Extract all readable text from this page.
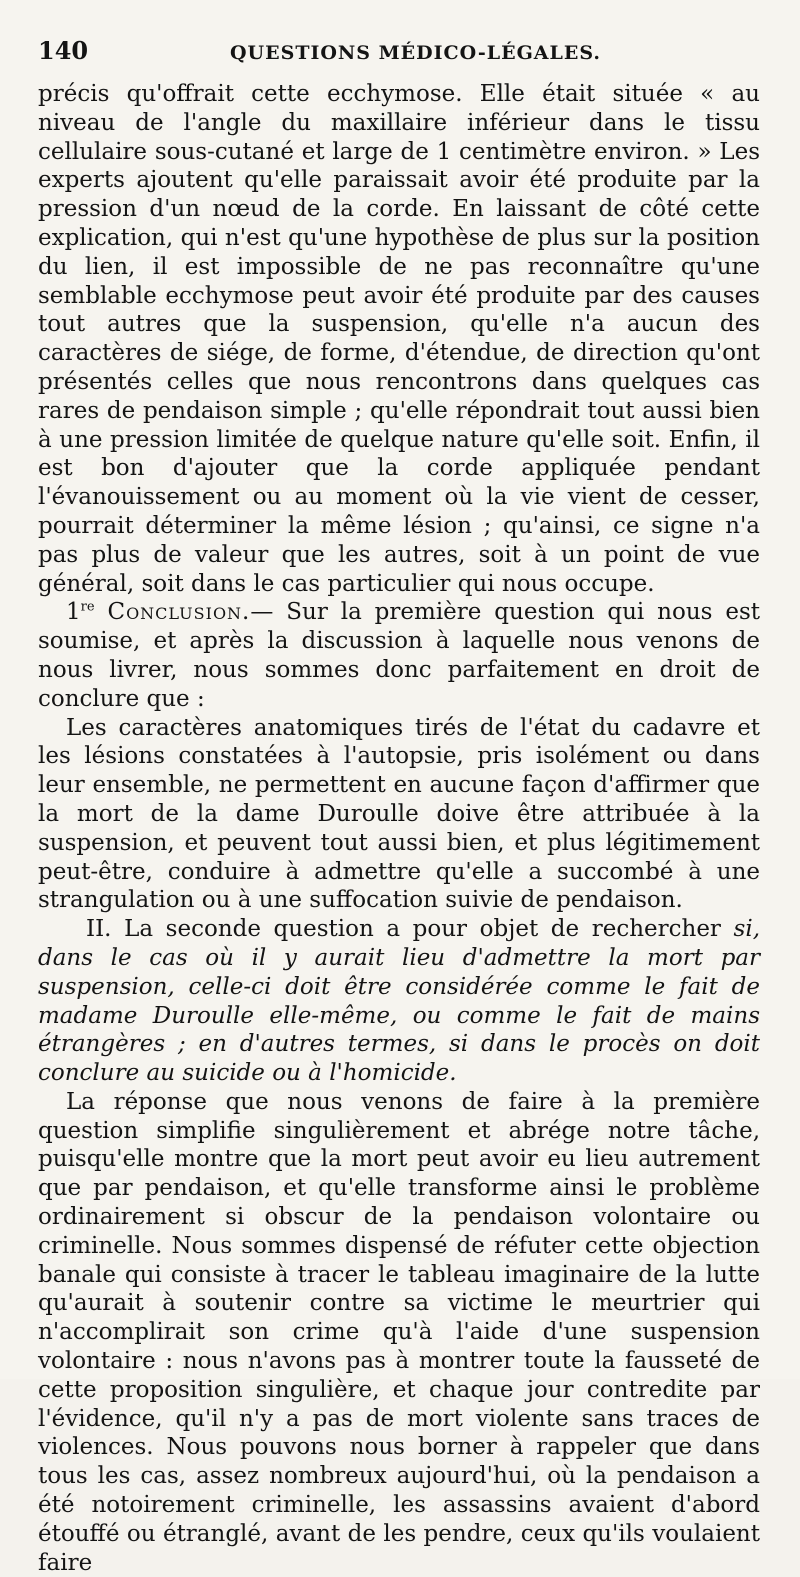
140	QUESTIONS MÉDICO-LÉGALES.

précis qu'offrait cette ecchymose. Elle était située « au niveau de l'angle du maxillaire inférieur dans le tissu cellulaire sous-cutané et large de 1 centimètre environ. » Les experts ajoutent qu'elle paraissait avoir été produite par la pression d'un nœud de la corde. En laissant de côté cette explication, qui n'est qu'une hypothèse de plus sur la position du lien, il est impossible de ne pas reconnaître qu'une semblable ecchymose peut avoir été produite par des causes tout autres que la suspension, qu'elle n'a aucun des caractères de siége, de forme, d'étendue, de direction qu'ont présentés celles que nous rencontrons dans quelques cas rares de pendaison simple ; qu'elle répondrait tout aussi bien à une pression limitée de quelque nature qu'elle soit. Enfin, il est bon d'ajouter que la corde appliquée pendant l'évanouissement ou au moment où la vie vient de cesser, pourrait déterminer la même lésion ; qu'ainsi, ce signe n'a pas plus de valeur que les autres, soit à un point de vue général, soit dans le cas particulier qui nous occupe.

1re Conclusion.— Sur la première question qui nous est soumise, et après la discussion à laquelle nous venons de nous livrer, nous sommes donc parfaitement en droit de conclure que :

Les caractères anatomiques tirés de l'état du cadavre et les lésions constatées à l'autopsie, pris isolément ou dans leur ensemble, ne permettent en aucune façon d'affirmer que la mort de la dame Duroulle doive être attribuée à la suspension, et peuvent tout aussi bien, et plus légitimement peut-être, conduire à admettre qu'elle a succombé à une strangulation ou à une suffocation suivie de pendaison.

II. La seconde question a pour objet de rechercher si, dans le cas où il y aurait lieu d'admettre la mort par suspension, celle-ci doit être considérée comme le fait de madame Duroulle elle-même, ou comme le fait de mains étrangères ; en d'autres termes, si dans le procès on doit conclure au suicide ou à l'homicide.

La réponse que nous venons de faire à la première question simplifie singulièrement et abrége notre tâche, puisqu'elle montre que la mort peut avoir eu lieu autrement que par pendaison, et qu'elle transforme ainsi le problème ordinairement si obscur de la pendaison volontaire ou criminelle. Nous sommes dispensé de réfuter cette objection banale qui consiste à tracer le tableau imaginaire de la lutte qu'aurait à soutenir contre sa victime le meurtrier qui n'accomplirait son crime qu'à l'aide d'une suspension volontaire : nous n'avons pas à montrer toute la fausseté de cette proposition singulière, et chaque jour contredite par l'évidence, qu'il n'y a pas de mort violente sans traces de violences. Nous pouvons nous borner à rappeler que dans tous les cas, assez nombreux aujourd'hui, où la pendaison a été notoirement criminelle, les assassins avaient d'abord étouffé ou étranglé, avant de les pendre, ceux qu'ils voulaient faire
